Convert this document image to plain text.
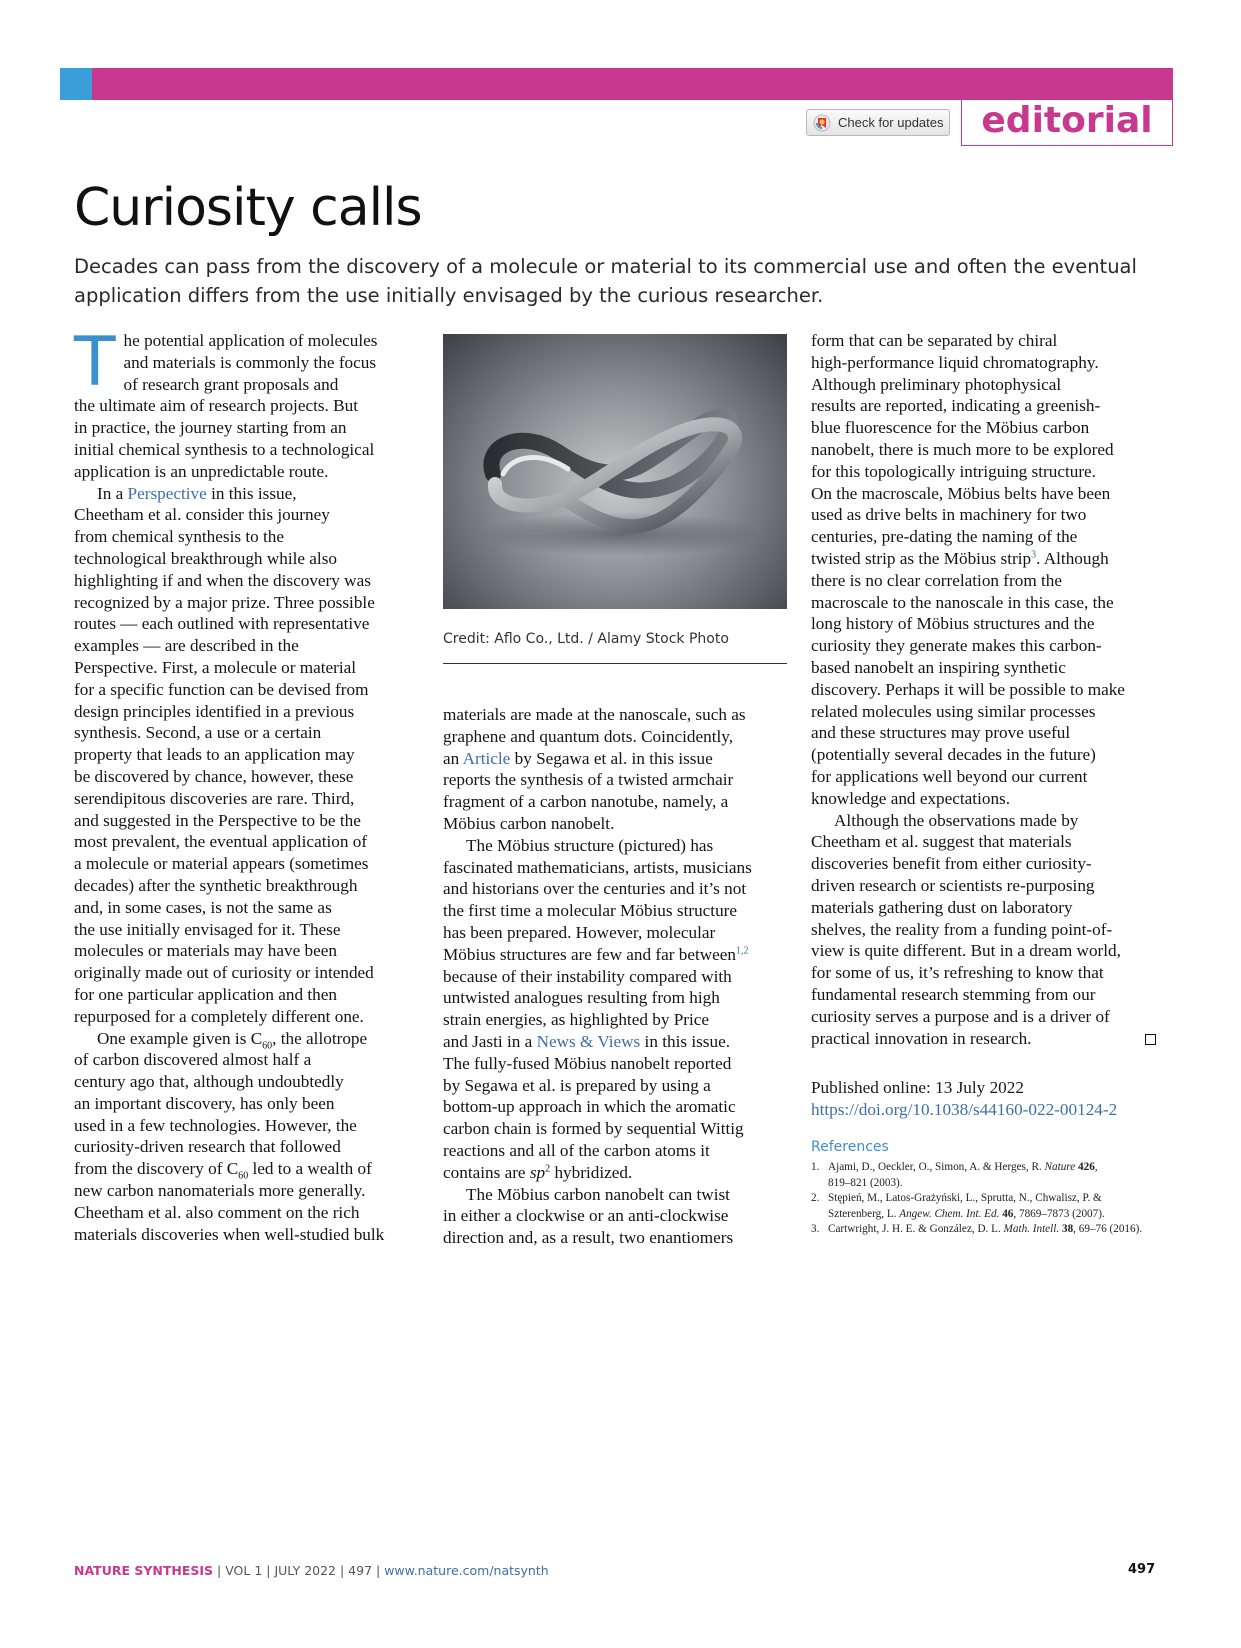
Check for updates editorial
Curiosity calls

Decades can pass from the discovery of a molecule or material to its commercial use and often the eventual
application differs from the use initially envisaged by the curious researcher.

T he potential application of molecules
and materials is commonly the focus
of research grant proposals and
the ultimate aim of research projects. But
in practice, the journey starting from an
initial chemical synthesis to a technological
application is an unpredictable route.

In a Perspective in this issue,
Cheetham et al. consider this journey
from chemical synthesis to the
technological breakthrough while also
highlighting if and when the discovery was
recognized by a major prize. Three possible
routes — each outlined with representative
examples — are described in the
Perspective. First, a molecule or material
for a specific function can be devised from
design principles identified in a previous
synthesis. Second, a use or a certain
property that leads to an application may
be discovered by chance, however, these
serendipitous discoveries are rare. Third,
and suggested in the Perspective to be the
most prevalent, the eventual application of
a molecule or material appears (sometimes
decades) after the synthetic breakthrough
and, in some cases, is not the same as
the use initially envisaged for it. These
molecules or materials may have been
originally made out of curiosity or intended
for one particular application and then
repurposed for a completely different one.

One example given is $C_{60}$, the allotrope
of carbon discovered almost half a
century ago that, although undoubtedly
an important discovery, has only been
used in a few technologies. However, the
curiosity-driven research that followed
from the discovery of $C_{60}$ led to a wealth of
new carbon nanomaterials more generally.
Cheetham et al. also comment on the rich
materials discoveries when well-studied bulk

Credit: Aflo Co., Ltd. / Alamy Stock Photo

materials are made at the nanoscale, such as
graphene and quantum dots. Coincidently,
an Article by Segawa et al. in this issue
reports the synthesis of a twisted armchair
fragment of a carbon nanotube, namely, a
Möbius carbon nanobelt.

The Möbius structure (pictured) has
fascinated mathematicians, artists, musicians
and historians over the centuries and it’s not
the first time a molecular Möbius structure
has been prepared. However, molecular
Möbius structures are few and far between$^{1,2}$
because of their instability compared with
untwisted analogues resulting from high
strain energies, as highlighted by Price
and Jasti in a News & Views in this issue.
The fully-fused Möbius nanobelt reported
by Segawa et al. is prepared by using a
bottom-up approach in which the aromatic
carbon chain is formed by sequential Wittig
reactions and all of the carbon atoms it
contains are $sp^2$ hybridized.

The Möbius carbon nanobelt can twist
in either a clockwise or an anti-clockwise
direction and, as a result, two enantiomers

form that can be separated by chiral
high-performance liquid chromatography.
Although preliminary photophysical
results are reported, indicating a greenish-
blue fluorescence for the Möbius carbon
nanobelt, there is much more to be explored
for this topologically intriguing structure.
On the macroscale, Möbius belts have been
used as drive belts in machinery for two
centuries, pre-dating the naming of the
twisted strip as the Möbius strip$^3$. Although
there is no clear correlation from the
macroscale to the nanoscale in this case, the
long history of Möbius structures and the
curiosity they generate makes this carbon-
based nanobelt an inspiring synthetic
discovery. Perhaps it will be possible to make
related molecules using similar processes
and these structures may prove useful
(potentially several decades in the future)
for applications well beyond our current
knowledge and expectations.

Although the observations made by
Cheetham et al. suggest that materials
discoveries benefit from either curiosity-
driven research or scientists re-purposing
materials gathering dust on laboratory
shelves, the reality from a funding point-of-
view is quite different. But in a dream world,
for some of us, it’s refreshing to know that
fundamental research stemming from our
curiosity serves a purpose and is a driver of
practical innovation in research.

Published online: 13 July 2022
https://doi.org/10.1038/s44160-022-00124-2

References
1. Ajami, D., Oeckler, O., Simon, A. & Herges, R. Nature 426,
819–821 (2003).
2. Stępień, M., Latos-Grażyński, L., Sprutta, N., Chwalisz, P. &
Szterenberg, L. Angew. Chem. Int. Ed. 46, 7869–7873 (2007).
3. Cartwright, J. H. E. & González, D. L. Math. Intell. 38, 69–76 (2016).

NATURE SYNTHESIS | VOL 1 | JULY 2022 | 497 | www.nature.com/natsynth	497
